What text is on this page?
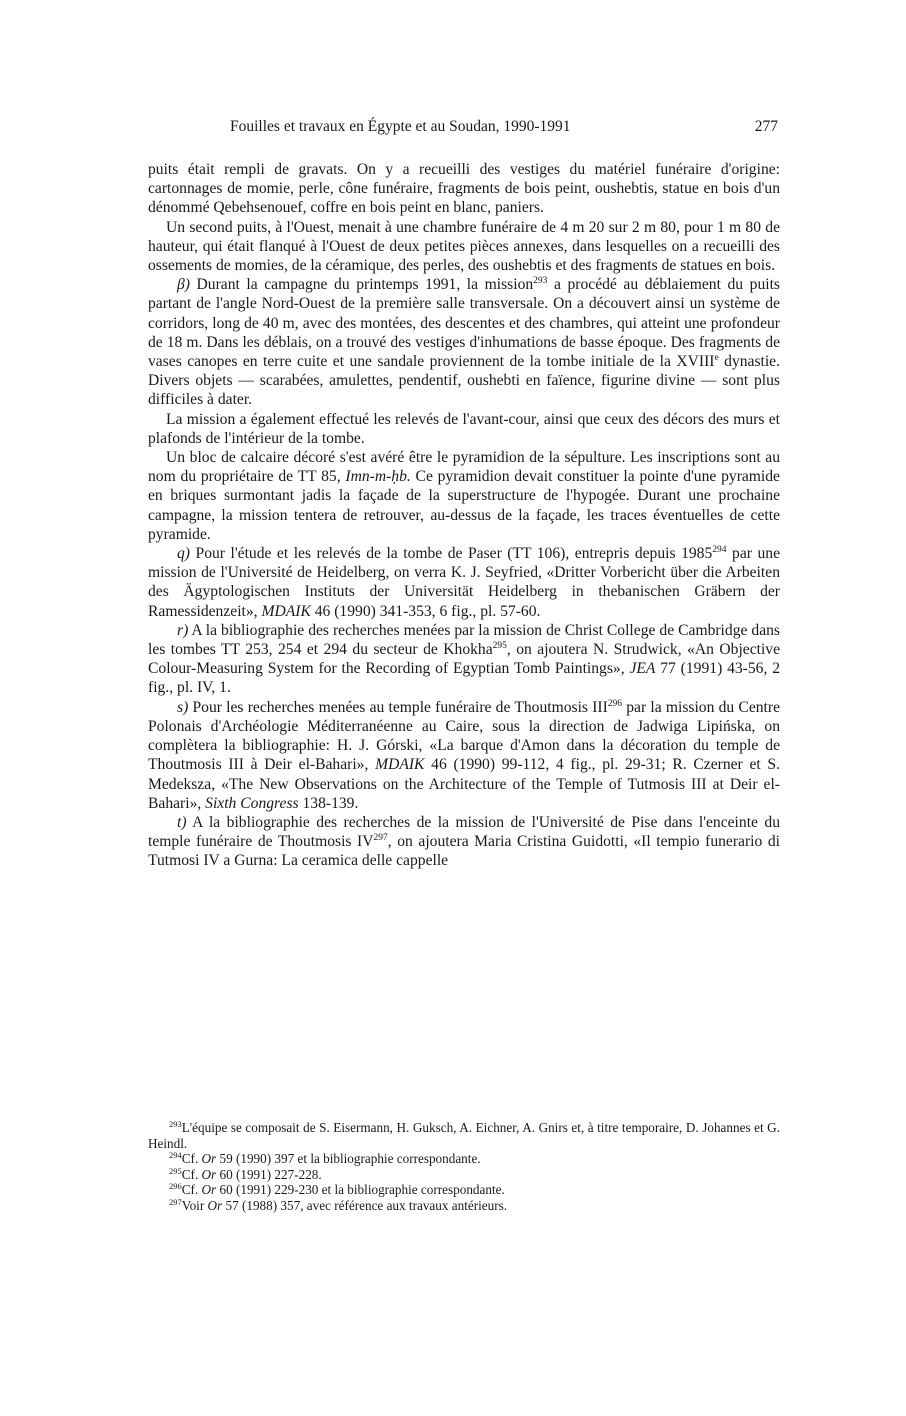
Fouilles et travaux en Égypte et au Soudan, 1990-1991	277

puits était rempli de gravats. On y a recueilli des vestiges du matériel funéraire d'origine: cartonnages de momie, perle, cône funéraire, fragments de bois peint, oushebtis, statue en bois d'un dénommé Qebehsenouef, coffre en bois peint en blanc, paniers.

Un second puits, à l'Ouest, menait à une chambre funéraire de 4 m 20 sur 2 m 80, pour 1 m 80 de hauteur, qui était flanqué à l'Ouest de deux petites pièces annexes, dans lesquelles on a recueilli des ossements de momies, de la céramique, des perles, des oushebtis et des fragments de statues en bois.

β) Durant la campagne du printemps 1991, la mission$^{293}$ a procédé au déblaiement du puits partant de l'angle Nord-Ouest de la première salle transversale. On a découvert ainsi un système de corridors, long de 40 m, avec des montées, des descentes et des chambres, qui atteint une profondeur de 18 m. Dans les déblais, on a trouvé des vestiges d'inhumations de basse époque. Des fragments de vases canopes en terre cuite et une sandale proviennent de la tombe initiale de la XVIIIe dynastie. Divers objets — scarabées, amulettes, pendentif, oushebti en faïence, figurine divine — sont plus difficiles à dater.

La mission a également effectué les relevés de l'avant-cour, ainsi que ceux des décors des murs et plafonds de l'intérieur de la tombe.

Un bloc de calcaire décoré s'est avéré être le pyramidion de la sépulture. Les inscriptions sont au nom du propriétaire de TT 85, Imn-m-ḥb. Ce pyramidion devait constituer la pointe d'une pyramide en briques surmontant jadis la façade de la superstructure de l'hypogée. Durant une prochaine campagne, la mission tentera de retrouver, au-dessus de la façade, les traces éventuelles de cette pyramide.

q) Pour l'étude et les relevés de la tombe de Paser (TT 106), entrepris depuis 1985$^{294}$ par une mission de l'Université de Heidelberg, on verra K. J. Seyfried, «Dritter Vorbericht über die Arbeiten des Ägyptologischen Instituts der Universität Heidelberg in thebanischen Gräbern der Ramessidenzeit», MDAIK 46 (1990) 341-353, 6 fig., pl. 57-60.

r) A la bibliographie des recherches menées par la mission de Christ College de Cambridge dans les tombes TT 253, 254 et 294 du secteur de Khokha$^{295}$, on ajoutera N. Strudwick, «An Objective Colour-Measuring System for the Recording of Egyptian Tomb Paintings», JEA 77 (1991) 43-56, 2 fig., pl. IV, 1.

s) Pour les recherches menées au temple funéraire de Thoutmosis III$^{296}$ par la mission du Centre Polonais d'Archéologie Méditerranéenne au Caire, sous la direction de Jadwiga Lipińska, on complètera la bibliographie: H. J. Górski, «La barque d'Amon dans la décoration du temple de Thoutmosis III à Deir el-Bahari», MDAIK 46 (1990) 99-112, 4 fig., pl. 29-31; R. Czerner et S. Medeksza, «The New Observations on the Architecture of the Temple of Tutmosis III at Deir el-Bahari», Sixth Congress 138-139.

t) A la bibliographie des recherches de la mission de l'Université de Pise dans l'enceinte du temple funéraire de Thoutmosis IV$^{297}$, on ajoutera Maria Cristina Guidotti, «Il tempio funerario di Tutmosi IV a Gurna: La ceramica delle cappelle

$^{293}$L'équipe se composait de S. Eisermann, H. Guksch, A. Eichner, A. Gnirs et, à titre temporaire, D. Johannes et G. Heindl.

$^{294}$Cf. Or 59 (1990) 397 et la bibliographie correspondante.

$^{295}$Cf. Or 60 (1991) 227-228.

$^{296}$Cf. Or 60 (1991) 229-230 et la bibliographie correspondante.

$^{297}$Voir Or 57 (1988) 357, avec référence aux travaux antérieurs.
